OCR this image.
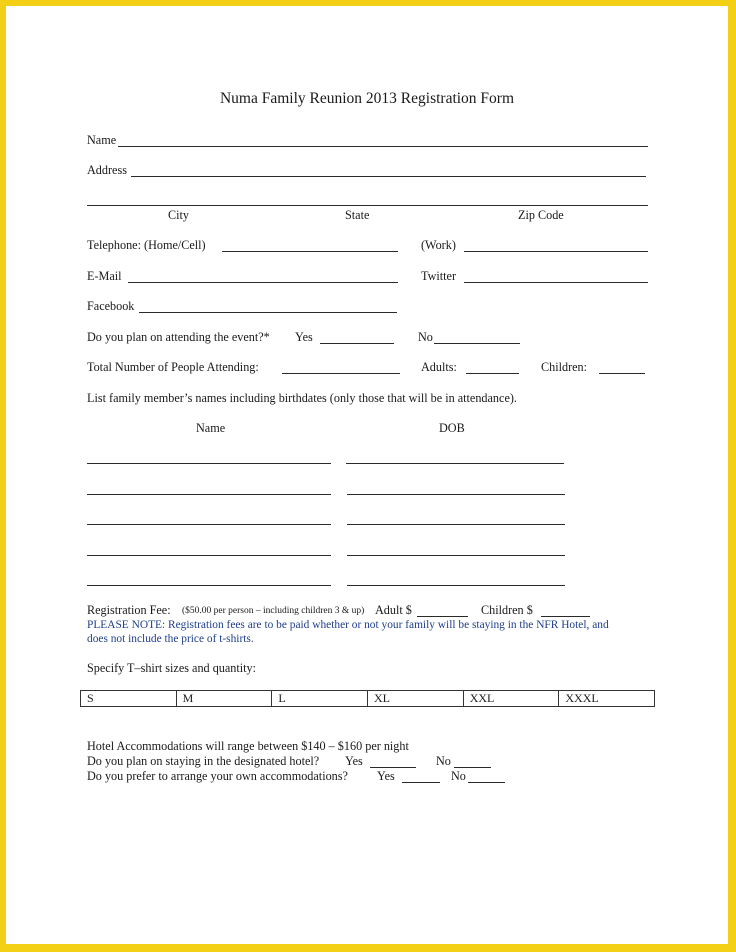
Numa Family Reunion 2013 Registration Form
Name
Address
City	State	Zip Code
Telephone: (Home/Cell)	(Work)
E-Mail	Twitter
Facebook
Do you plan on attending the event?* Yes	No
Total Number of People Attending:	Adults:	Children:
List family member’s names including birthdates (only those that will be in attendance).
Name	DOB
Registration Fee: ($50.00 per person – including children 3 & up) Adult $	Children $
PLEASE NOTE: Registration fees are to be paid whether or not your family will be staying in the NFR Hotel, and
does not include the price of t-shirts.
Specify T–shirt sizes and quantity:
S	M	L	XL	XXL	XXXL
Hotel Accommodations will range between $140 – $160 per night
Do you plan on staying in the designated hotel? Yes	No
Do you prefer to arrange your own accommodations? Yes	No
